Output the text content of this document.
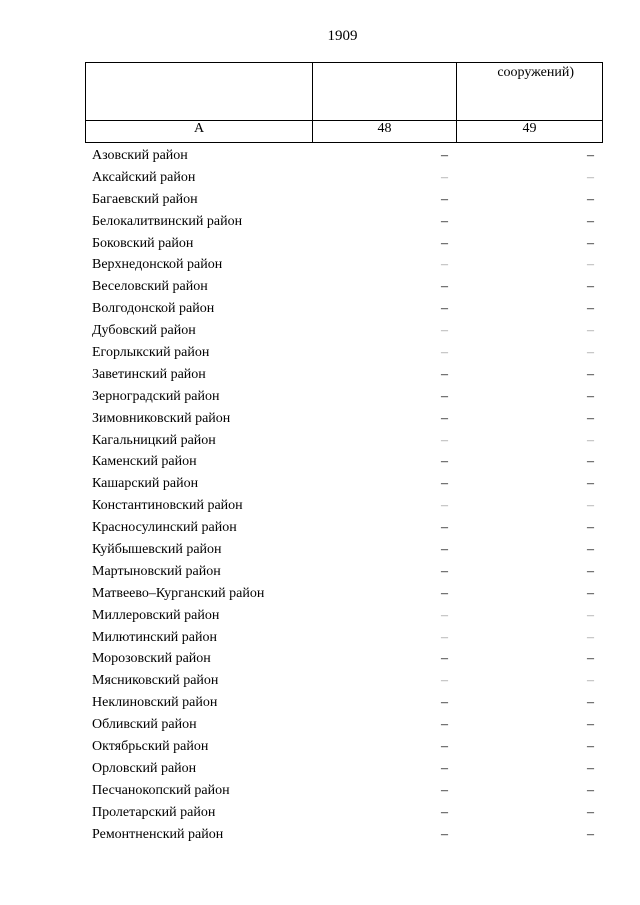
1909

		сооружений)

А	48	49
Азовский район	–	–
Аксайский район	–	–
Багаевский район	–	–
Белокалитвинский район	–	–
Боковский район	–	–
Верхнедонской район	–	–
Веселовский район	–	–
Волгодонской район	–	–
Дубовский район	–	–
Егорлыкский район	–	–
Заветинский район	–	–
Зерноградский район	–	–
Зимовниковский район	–	–
Кагальницкий район	–	–
Каменский район	–	–
Кашарский район	–	–
Константиновский район	–	–
Красносулинский район	–	–
Куйбышевский район	–	–
Мартыновский район	–	–
Матвеево–Курганский район	–	–
Миллеровский район	–	–
Милютинский район	–	–
Морозовский район	–	–
Мясниковский район	–	–
Неклиновский район	–	–
Обливский район	–	–
Октябрьский район	–	–
Орловский район	–	–
Песчанокопский район	–	–
Пролетарский район	–	–
Ремонтненский район	–	–
